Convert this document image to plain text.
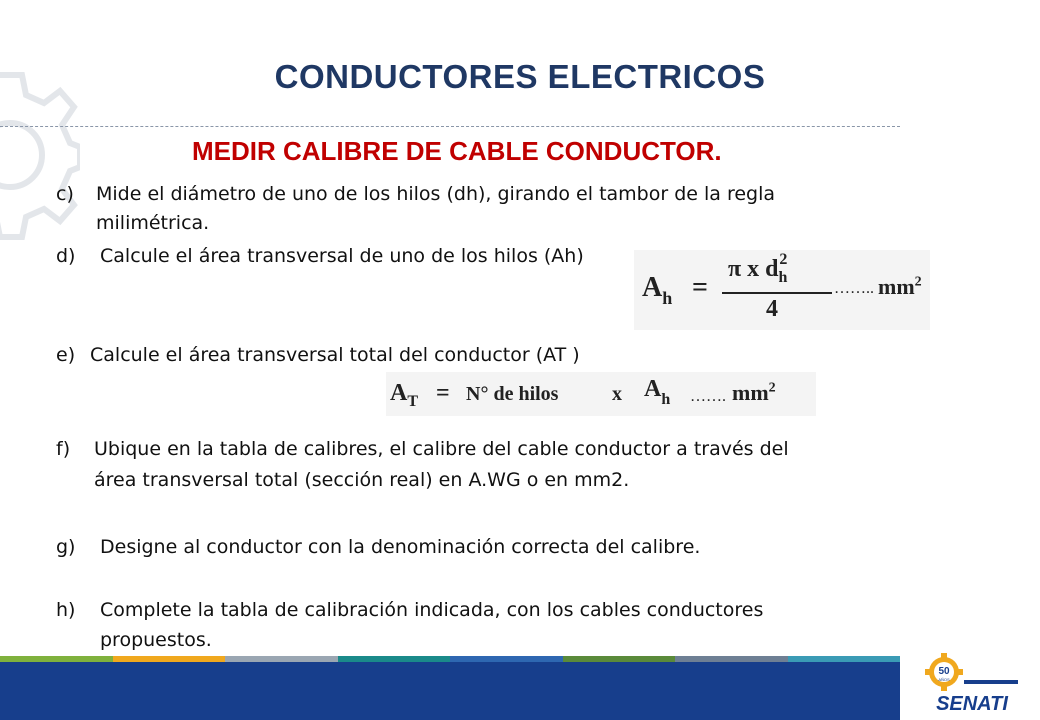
CONDUCTORES ELECTRICOS
MEDIR CALIBRE DE CABLE CONDUCTOR.
c) Mide el diámetro de uno de los hilos (dh), girando el tambor de la regla
milimétrica.
d) Calcule el área transversal de uno de los hilos (Ah)
$A_h$ =
π x $d_h^2$
4
…….. $mm^2$
e) Calcule el área transversal total del conductor (AT )
$A_T = N^\circ$ de hilos	x $A_h$ ……. $mm^2$
f) Ubique en la tabla de calibres, el calibre del cable conductor a través del
área transversal total (sección real) en A.WG o en mm2.
g) Designe al conductor con la denominación correcta del calibre.
h) Complete la tabla de calibración indicada, con los cables conductores
propuestos.
50
AÑOS
SENATI
